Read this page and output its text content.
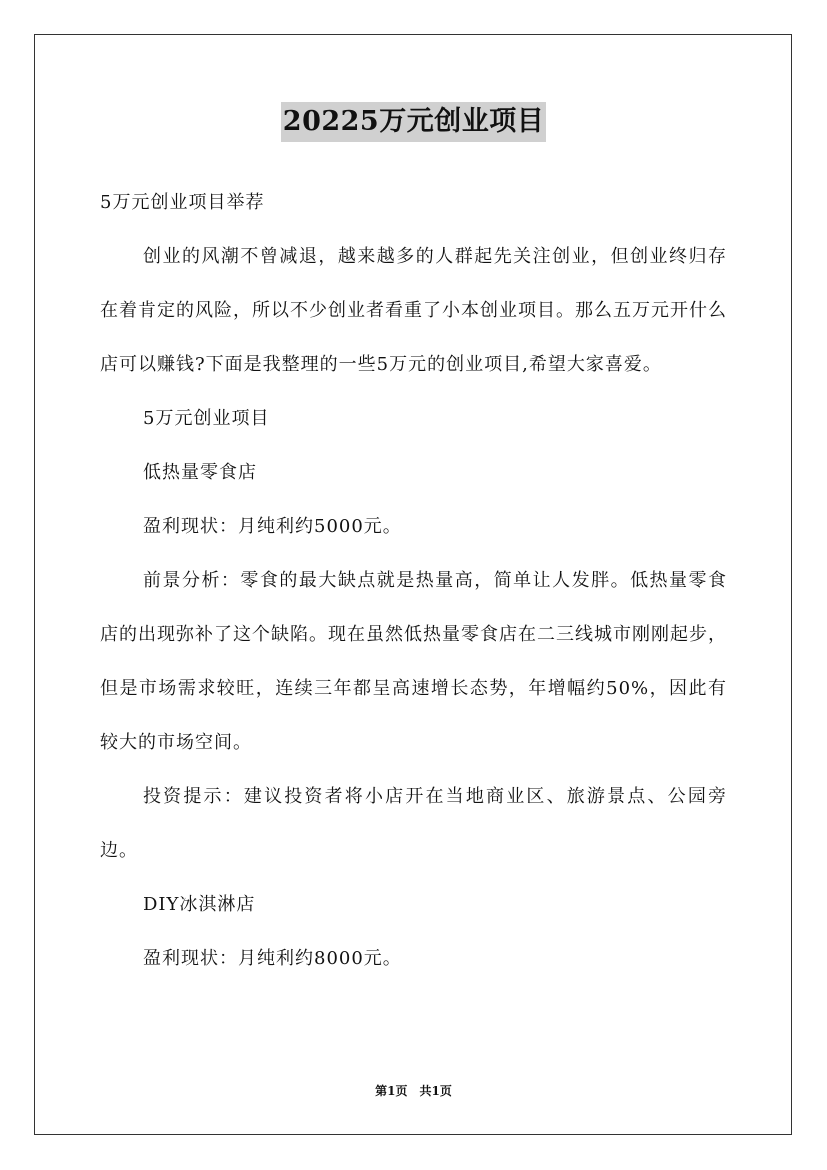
20225万元创业项目

5万元创业项目举荐

创业的风潮不曾减退，越来越多的人群起先关注创业，但创业终归存在着肯定的风险，所以不少创业者看重了小本创业项目。那么五万元开什么店可以赚钱?下面是我整理的一些5万元的创业项目,希望大家喜爱。

5万元创业项目

低热量零食店

盈利现状：月纯利约5000元。

前景分析：零食的最大缺点就是热量高，简单让人发胖。低热量零食店的出现弥补了这个缺陷。现在虽然低热量零食店在二三线城市刚刚起步，但是市场需求较旺，连续三年都呈高速增长态势，年增幅约50%，因此有较大的市场空间。

投资提示：建议投资者将小店开在当地商业区、旅游景点、公园旁边。

DIY冰淇淋店

盈利现状：月纯利约8000元。

第1页 共1页
